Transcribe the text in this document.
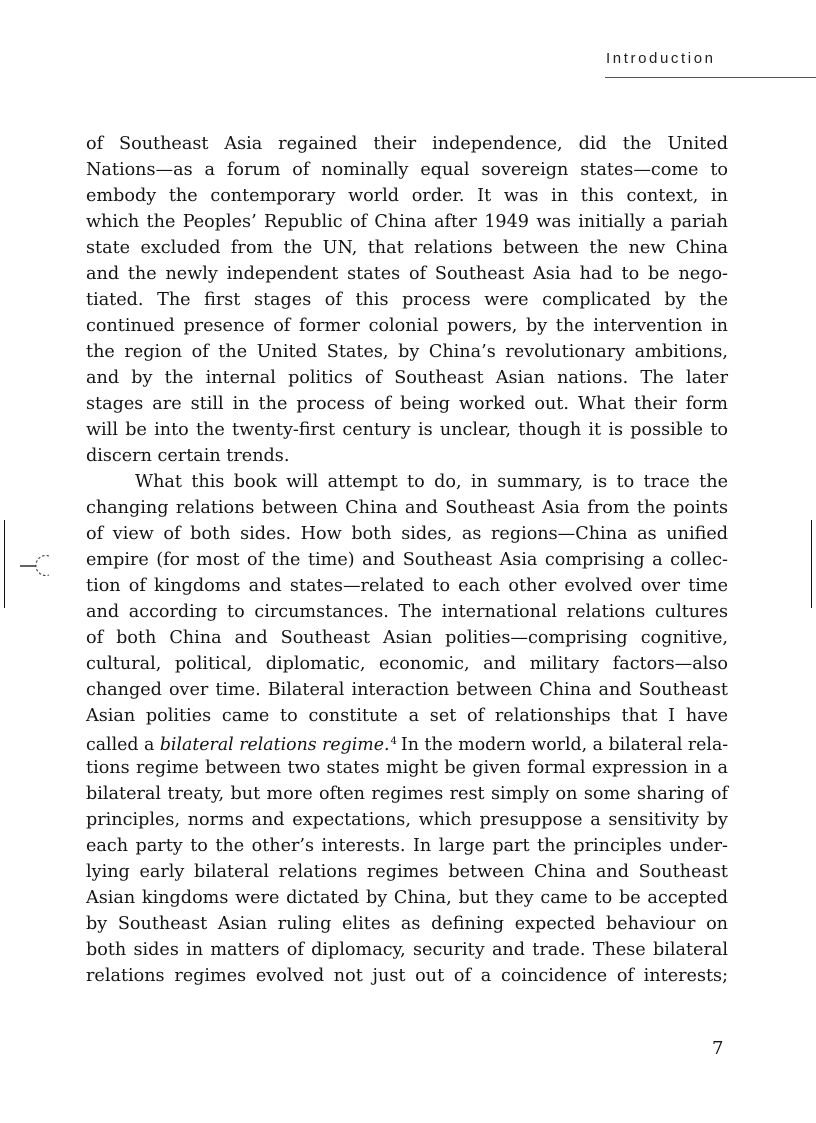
Introduction
of Southeast Asia regained their independence, did the United
Nations—as a forum of nominally equal sovereign states—come to
embody the contemporary world order. It was in this context, in
which the Peoples’ Republic of China after 1949 was initially a pariah
state excluded from the UN, that relations between the new China
and the newly independent states of Southeast Asia had to be nego-
tiated. The first stages of this process were complicated by the
continued presence of former colonial powers, by the intervention in
the region of the United States, by China’s revolutionary ambitions,
and by the internal politics of Southeast Asian nations. The later
stages are still in the process of being worked out. What their form
will be into the twenty-first century is unclear, though it is possible to
discern certain trends.
What this book will attempt to do, in summary, is to trace the
changing relations between China and Southeast Asia from the points
of view of both sides. How both sides, as regions—China as unified
empire (for most of the time) and Southeast Asia comprising a collec-
tion of kingdoms and states—related to each other evolved over time
and according to circumstances. The international relations cultures
of both China and Southeast Asian polities—comprising cognitive,
cultural, political, diplomatic, economic, and military factors—also
changed over time. Bilateral interaction between China and Southeast
Asian polities came to constitute a set of relationships that I have
called a bilateral relations regime.$^4$ In the modern world, a bilateral rela-
tions regime between two states might be given formal expression in a
bilateral treaty, but more often regimes rest simply on some sharing of
principles, norms and expectations, which presuppose a sensitivity by
each party to the other’s interests. In large part the principles under-
lying early bilateral relations regimes between China and Southeast
Asian kingdoms were dictated by China, but they came to be accepted
by Southeast Asian ruling elites as defining expected behaviour on
both sides in matters of diplomacy, security and trade. These bilateral
relations regimes evolved not just out of a coincidence of interests;
7
